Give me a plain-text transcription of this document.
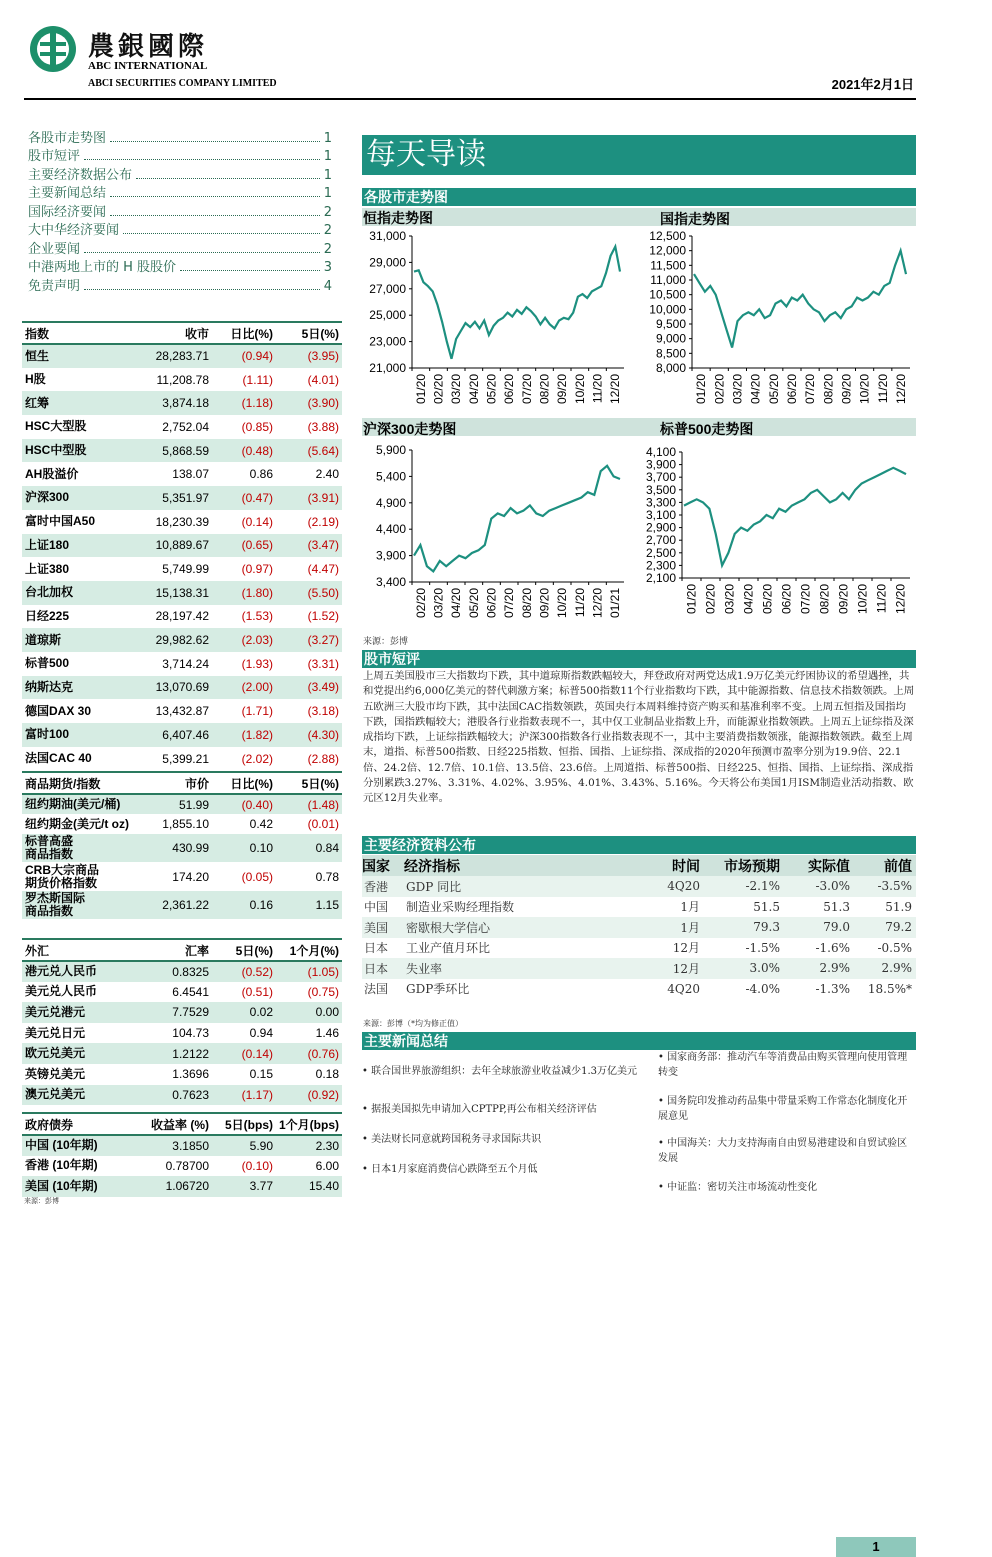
農銀國際
ABC INTERNATIONAL
ABCI SECURITIES COMPANY LIMITED	2021年2月1日
各股市走势图	1
股市短评	1
主要经济数据公布	1
主要新闻总结	1
国际经济要闻	2
大中华经济要闻	2
企业要闻	2
中港两地上市的 H 股股价	3
免责声明	4
指数	收市	日比(%)	5日(%)
恒生	28,283.71	(0.94)	(3.95)
H股	11,208.78	(1.11)	(4.01)
红筹	3,874.18	(1.18)	(3.90)
HSC大型股	2,752.04	(0.85)	(3.88)
HSC中型股	5,868.59	(0.48)	(5.64)
AH股溢价	138.07	0.86	2.40
沪深300	5,351.97	(0.47)	(3.91)
富时中国A50	18,230.39	(0.14)	(2.19)
上证180	10,889.67	(0.65)	(3.47)
上证380	5,749.99	(0.97)	(4.47)
台北加权	15,138.31	(1.80)	(5.50)
日经225	28,197.42	(1.53)	(1.52)
道琼斯	29,982.62	(2.03)	(3.27)
标普500	3,714.24	(1.93)	(3.31)
纳斯达克	13,070.69	(2.00)	(3.49)
德国DAX 30	13,432.87	(1.71)	(3.18)
富时100	6,407.46	(1.82)	(4.30)
法国CAC 40	5,399.21	(2.02)	(2.88)
商品期货/指数	市价	日比(%)	5日(%)
纽约期油(美元/桶)	51.99	(0.40)	(1.48)
纽约期金(美元/t oz)	1,855.10	0.42	(0.01)
标普高盛
商品指数	430.99	0.10	0.84
CRB大宗商品
期货价格指数	174.20	(0.05)	0.78
罗杰斯国际
商品指数	2,361.22	0.16	1.15
外汇	汇率	5日(%)	1个月(%)
港元兑人民币	0.8325	(0.52)	(1.05)
美元兑人民币	6.4541	(0.51)	(0.75)
美元兑港元	7.7529	0.02	0.00
美元兑日元	104.73	0.94	1.46
欧元兑美元	1.2122	(0.14)	(0.76)
英镑兑美元	1.3696	0.15	0.18
澳元兑美元	0.7623	(1.17)	(0.92)
政府债券	收益率 (%)	5日(bps)	1个月(bps)
中国 (10年期)	3.1850	5.90	2.30
香港 (10年期)	0.78700	(0.10)	6.00
美国 (10年期)	1.06720	3.77	15.40
来源：彭博
每天导读
各股市走势图
恒指走势图	国指走势图
沪深300走势图	标普500走势图
31,000
29,000
27,000
25,000
23,000
21,000
01/20 02/20 03/20 04/20 05/20 06/20 07/20 08/20 09/20 10/20 11/20 12/20
12,500
12,000
11,500
11,000
10,500
10,000
9,500
9,000
8,500
8,000
01/20 02/20 03/20 04/20 05/20 06/20 07/20 08/20 09/20 10/20 11/20 12/20
5,900
5,400
4,900
4,400
3,900
3,400
02/20 03/20 04/20 05/20 06/20 07/20 08/20 09/20 10/20 11/20 12/20 01/21
4,100
3,900
3,700
3,500
3,300
3,100
2,900
2,700
2,500
2,300
2,100
01/20 02/20 03/20 04/20 05/20 06/20 07/20 08/20 09/20 10/20 11/20 12/20
来源：彭博
股市短评
上周五美国股市三大指数均下跌，其中道琼斯指数跌幅较大，拜登政府对两党达成1.9万亿美元纾困协议的希望遇挫，共和党提出约6,000亿美元的替代刺激方案；标普500指数11个行业指数均下跌，其中能源指数、信息技术指数领跌。上周五欧洲三大股市均下跌，其中法国CAC指数领跌，英国央行本周料维持资产购买和基准利率不变。上周五恒指及国指均下跌，国指跌幅较大；港股各行业指数表现不一，其中仅工业制品业指数上升，而能源业指数领跌。上周五上证综指及深成指均下跌，上证综指跌幅较大；沪深300指数各行业指数表现不一，其中主要消费指数领涨，能源指数领跌。截至上周末，道指、标普500指数、日经225指数、恒指、国指、上证综指、深成指的2020年预测市盈率分别为19.9倍、22.1倍、24.2倍、12.7倍、10.1倍、13.5倍、23.6倍。上周道指、标普500指、日经225、恒指、国指、上证综指、深成指分别累跌3.27%、3.31%、4.02%、3.95%、4.01%、3.43%、5.16%。今天将公布美国1月ISM制造业活动指数、欧元区12月失业率。
主要经济资料公布
国家	经济指标	时间	市场预期	实际值	前值
香港	GDP 同比	4Q20	-2.1%	-3.0%	-3.5%
中国	制造业采购经理指数	1月	51.5	51.3	51.9
美国	密歇根大学信心	1月	79.3	79.0	79.2
日本	工业产值月环比	12月	-1.5%	-1.6%	-0.5%
日本	失业率	12月	3.0%	2.9%	2.9%
法国	GDP季环比	4Q20	-4.0%	-1.3%	18.5%*
来源：彭博（*均为修正值）
主要新闻总结
• 联合国世界旅游组织：去年全球旅游业收益减少1.3万亿美元
• 据报美国拟先申请加入CPTPP,再公布相关经济评估
• 美法财长同意就跨国税务寻求国际共识
• 日本1月家庭消费信心跌降至五个月低
• 国家商务部：推动汽车等消费品由购买管理向使用管理转变
• 国务院印发推动药品集中带量采购工作常态化制度化开展意见
• 中国海关：大力支持海南自由贸易港建设和自贸试验区发展
• 中证监：密切关注市场流动性变化
1
